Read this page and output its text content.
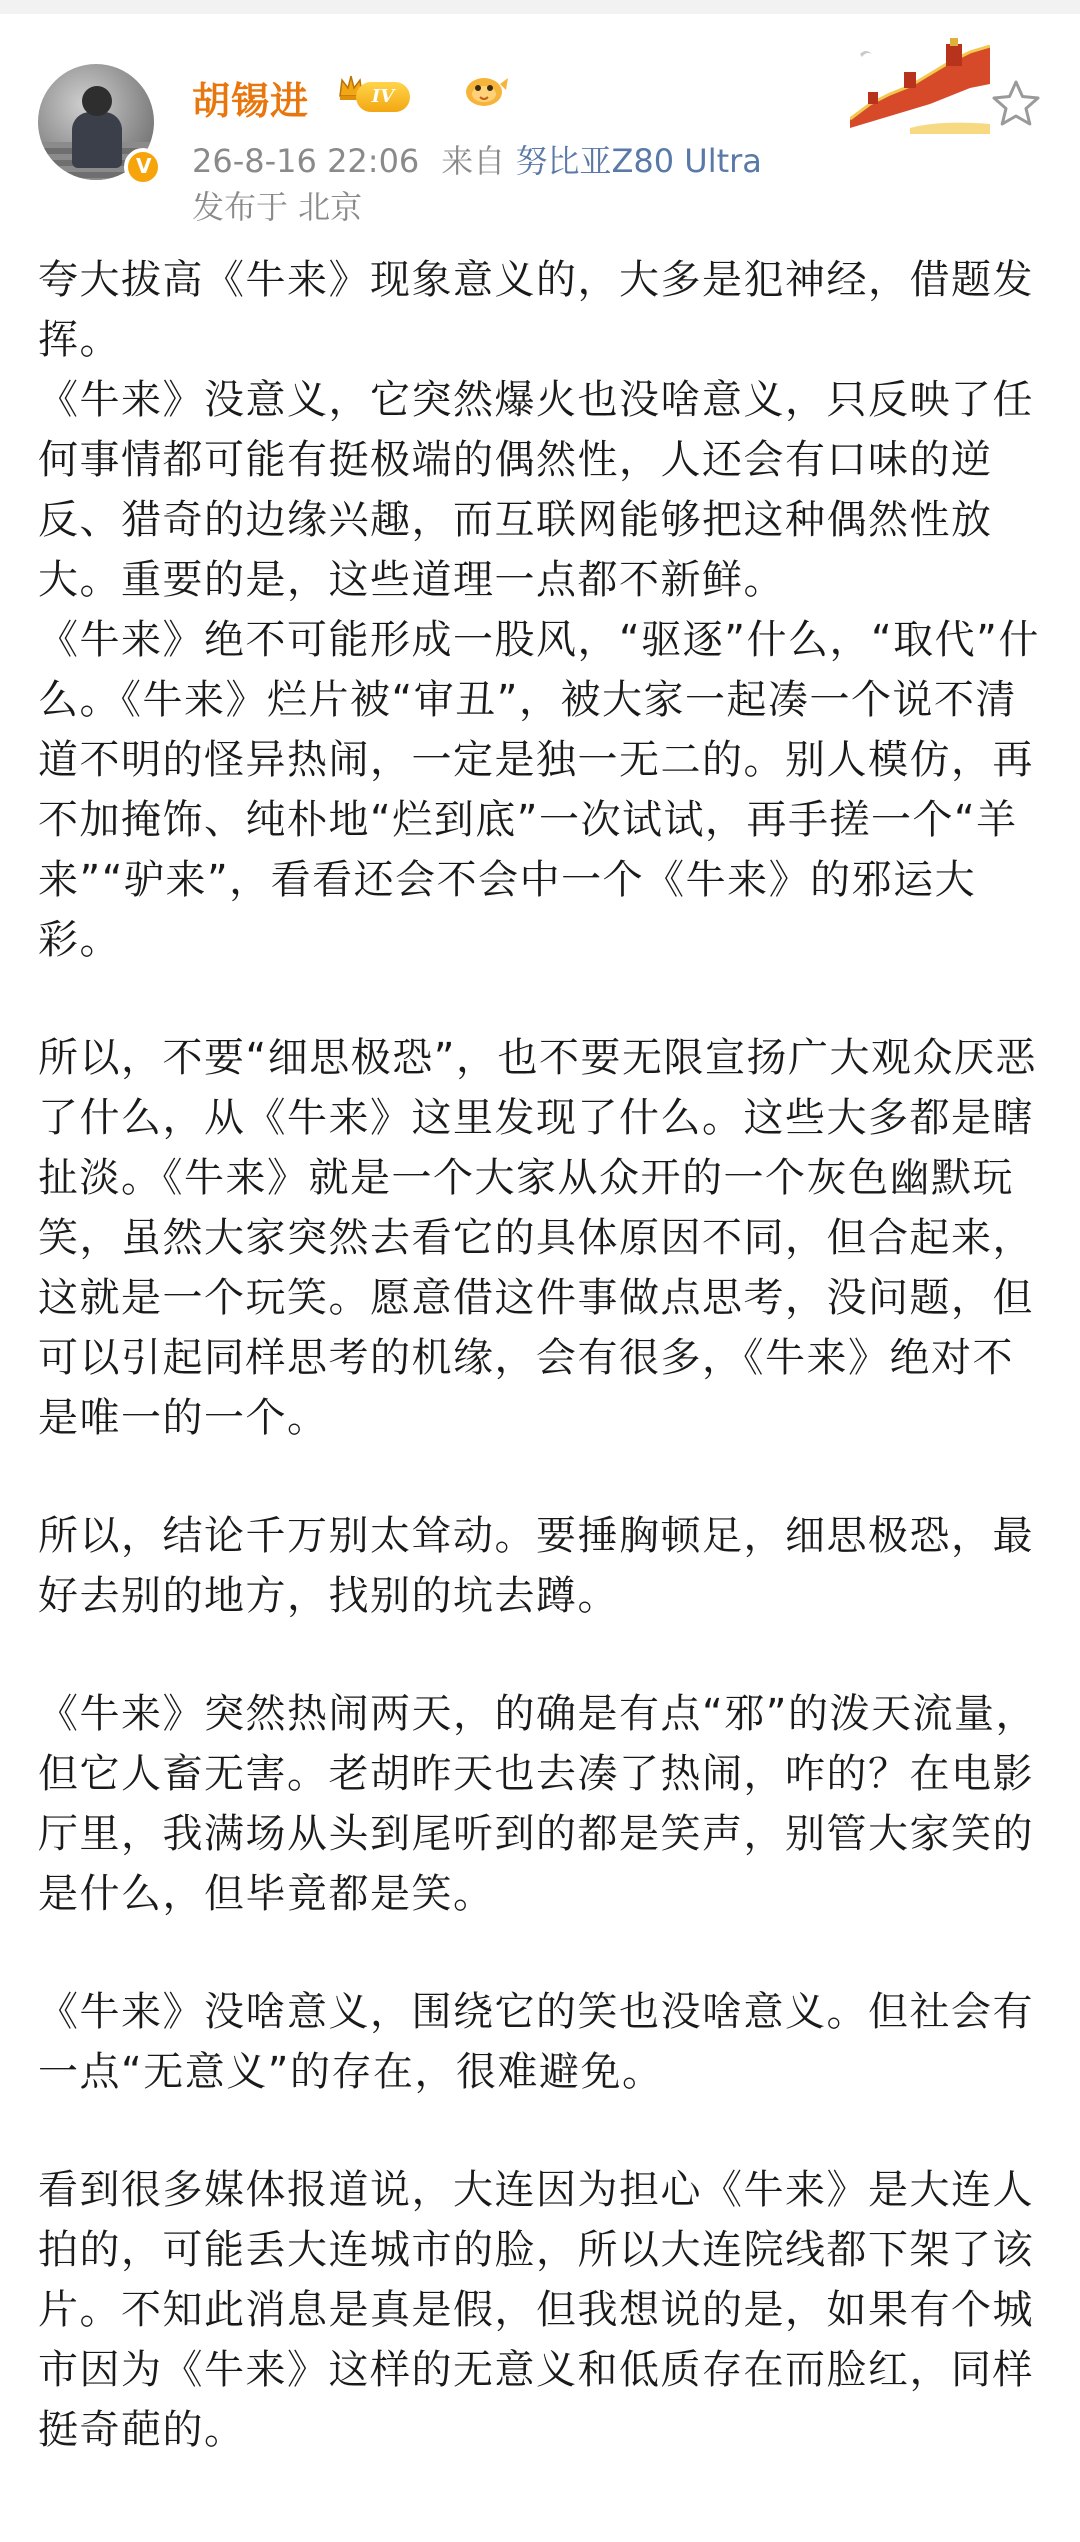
V
胡锡进	IV
26-8-16 22:06 来自 努比亚Z80 Ultra
发布于 北京
夸大拔高《牛来》现象意义的，大多是犯神经，借题发挥。
《牛来》没意义，它突然爆火也没啥意义，只反映了任何事情都可能有挺极端的偶然性，人还会有口味的逆反、猎奇的边缘兴趣，而互联网能够把这种偶然性放大。重要的是，这些道理一点都不新鲜。
《牛来》绝不可能形成一股风，“驱逐”什么，“取代”什么。《牛来》烂片被“审丑”，被大家一起凑一个说不清道不明的怪异热闹，一定是独一无二的。别人模仿，再不加掩饰、纯朴地“烂到底”一次试试，再手搓一个“羊来”“驴来”，看看还会不会中一个《牛来》的邪运大彩。
所以，不要“细思极恐”，也不要无限宣扬广大观众厌恶了什么，从《牛来》这里发现了什么。这些大多都是瞎扯淡。《牛来》就是一个大家从众开的一个灰色幽默玩笑，虽然大家突然去看它的具体原因不同，但合起来，这就是一个玩笑。愿意借这件事做点思考，没问题，但可以引起同样思考的机缘，会有很多，《牛来》绝对不是唯一的一个。
所以，结论千万别太耸动。要捶胸顿足，细思极恐，最好去别的地方，找别的坑去蹲。
《牛来》突然热闹两天，的确是有点“邪”的泼天流量，但它人畜无害。老胡昨天也去凑了热闹，咋的？在电影厅里，我满场从头到尾听到的都是笑声，别管大家笑的是什么，但毕竟都是笑。
《牛来》没啥意义，围绕它的笑也没啥意义。但社会有一点“无意义”的存在，很难避免。
看到很多媒体报道说，大连因为担心《牛来》是大连人拍的，可能丢大连城市的脸，所以大连院线都下架了该片。不知此消息是真是假，但我想说的是，如果有个城市因为《牛来》这样的无意义和低质存在而脸红，同样挺奇葩的。
